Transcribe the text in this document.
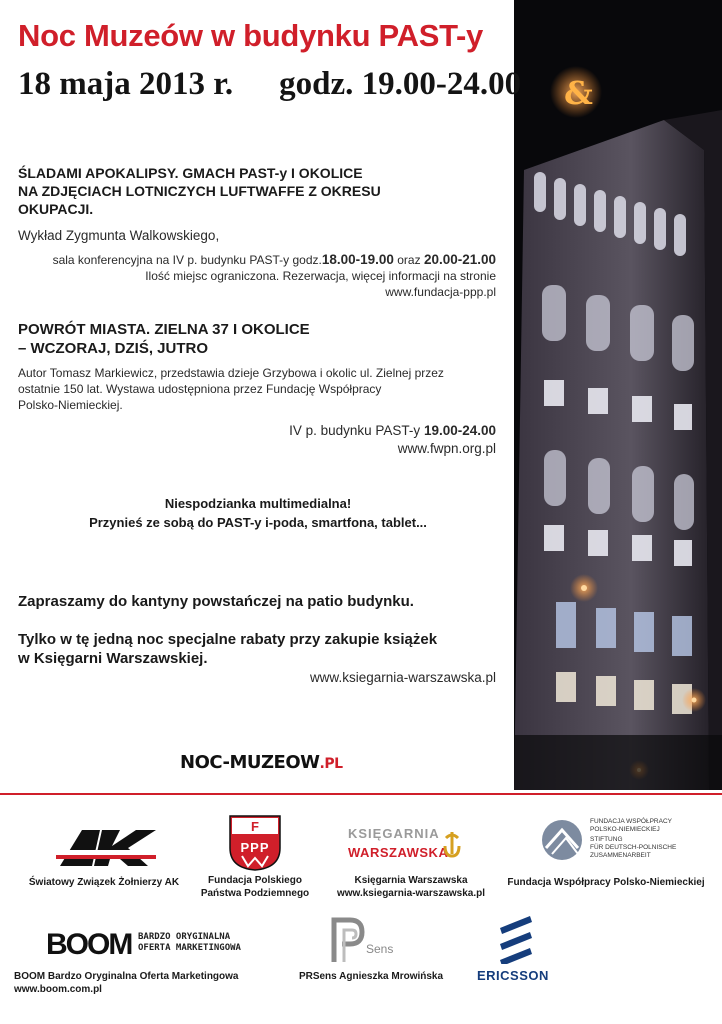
&
Noc Muzeów w budynku PAST-y
18 maja 2013 r. godz. 19.00-24.00
ŚLADAMI APOKALIPSY. GMACH PAST-y I OKOLICE
NA ZDJĘCIACH LOTNICZYCH LUFTWAFFE Z OKRESU
OKUPACJI.

Wykład Zygmunta Walkowskiego,

sala konferencyjna na IV p. budynku PAST-y godz.18.00-19.00 oraz 20.00-21.00

Ilość miejsc ograniczona. Rezerwacja, więcej informacji na stronie

www.fundacja-ppp.pl

POWRÓT MIASTA. ZIELNA 37 I OKOLICE
– WCZORAJ, DZIŚ, JUTRO
Autor Tomasz Markiewicz, przedstawia dzieje Grzybowa i okolic ul. Zielnej przez
ostatnie 150 lat. Wystawa udostępniona przez Fundację Współpracy
Polsko-Niemieckiej.

IV p. budynku PAST-y 19.00-24.00

www.fwpn.org.pl

Niespodzianka multimedialna!
Przynieś ze sobą do PAST-y i-poda, smartfona, tablet...

Zapraszamy do kantyny powstańczej na patio budynku.

Tylko w tę jedną noc specjalne rabaty przy zakupie książek
w Księgarni Warszawskiej.

www.ksiegarnia-warszawska.pl

NOC-MUZEOW.PL

Światowy Związek Żołnierzy AK

F
PPP
Fundacja Polskiego
Państwa Podziemnego
KSIĘGARNIA
WARSZAWSKA
Księgarnia Warszawska
www.ksiegarnia-warszawska.pl
FUNDACJA WSPÓŁPRACY
POLSKO-NIEMIECKIEJ
STIFTUNG
FÜR DEUTSCH-POLNISCHE
ZUSAMMENARBEIT

Fundacja Współpracy Polsko-Niemieckiej

BOOM BARDZO ORYGINALNA
OFERTA MARKETINGOWA
BOOM Bardzo Oryginalna Oferta Marketingowa
www.boom.com.pl
Sens

PRSens Agnieszka Mrowińska	ERICSSON
